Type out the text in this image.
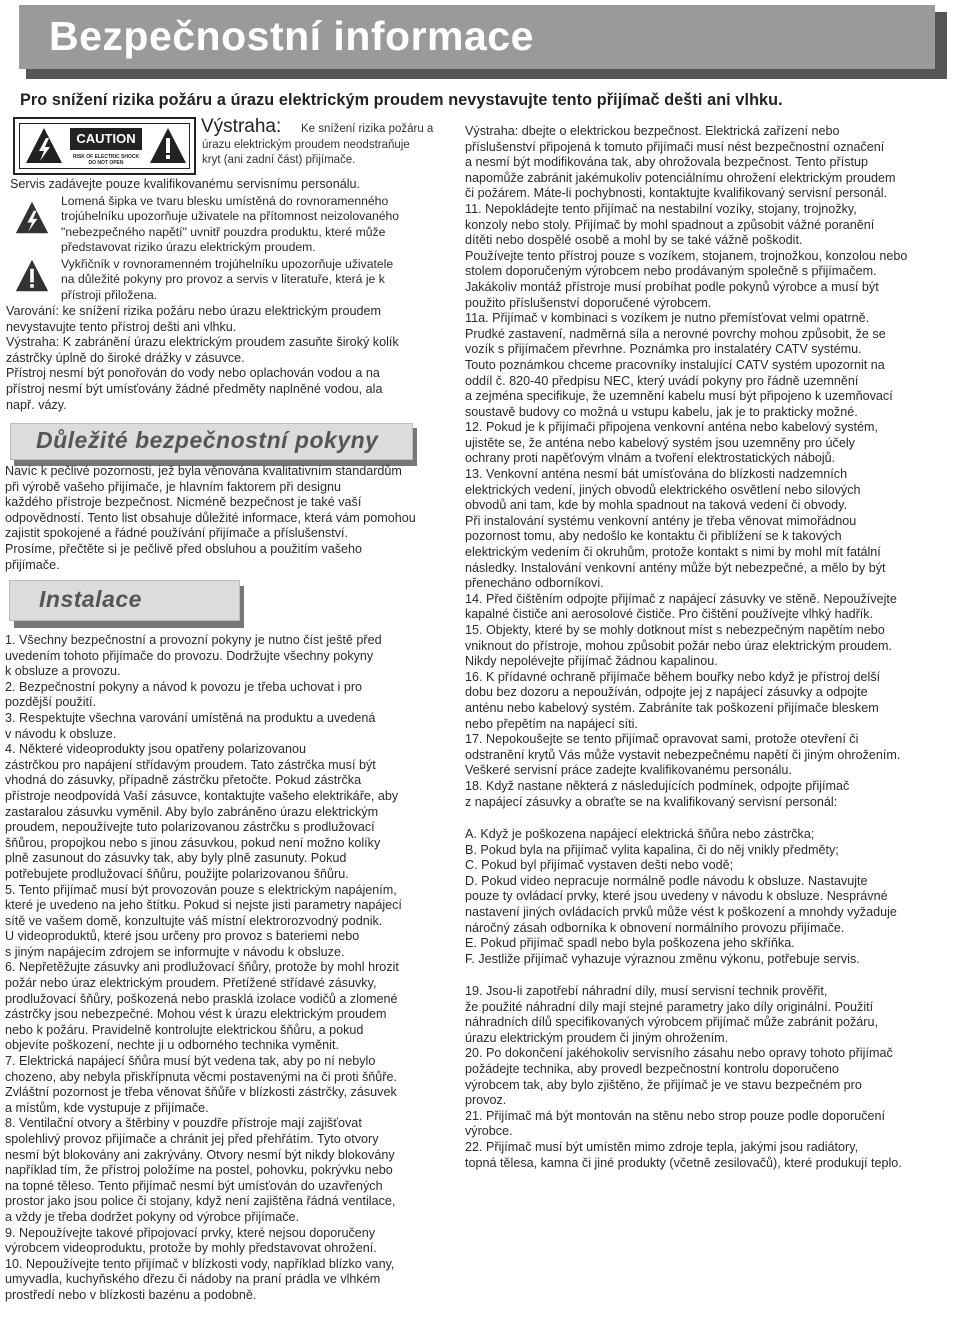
Bezpečnostní informace
Pro snížení rizika požáru a úrazu elektrickým proudem nevystavujte tento přijímač dešti ani vlhku.
CAUTION
RISK OF ELECTRIC SHOCK
DO NOT OPEN
Výstraha: Ke snížení rizika požáru a
úrazu elektrickým proudem neodstraňuje
kryt (ani zadní část) přijímače.
Servis zadávejte pouze kvalifikovanému servisnímu personálu.
Lomená šipka ve tvaru blesku umístěná do rovnoramenného
trojúhelníku upozorňuje uživatele na přítomnost neizolovaného
"nebezpečného napětí" uvnitř pouzdra produktu, které může
představovat riziko úrazu elektrickým proudem.
Vykřičník v rovnoramenném trojúhelníku upozorňuje uživatele
na důležité pokyny pro provoz a servis v literatuře, která je k
přístroji přiložena.
Varování: ke snížení rizika požáru nebo úrazu elektrickým proudem
nevystavujte tento přístroj dešti ani vlhku.
Výstraha: K zabránění úrazu elektrickým proudem zasuňte široký kolík
zástrčky úplně do široké drážky v zásuvce.
Přístroj nesmí být ponořován do vody nebo oplachován vodou a na
přístroj nesmí být umísťovány žádné předměty naplněné vodou, ala
např. vázy.
Důležité bezpečnostní pokyny
Navíc k pečlivé pozornosti, jež byla věnována kvalitativním standardům
při výrobě vašeho přijímače, je hlavním faktorem při designu
každého přístroje bezpečnost. Nicméně bezpečnost je také vaší
odpovědností. Tento list obsahuje důležité informace, která vám pomohou
zajistit spokojené a řádné používání přijímače a příslušenství.
Prosíme, přečtěte si je pečlivě před obsluhou a použitím vašeho
přijímače.
Instalace
1. Všechny bezpečnostní a provozní pokyny je nutno číst ještě před
uvedením tohoto přijímače do provozu. Dodržujte všechny pokyny
k obsluze a provozu.
2. Bezpečnostní pokyny a návod k povozu je třeba uchovat i pro
pozdější použití.
3. Respektujte všechna varování umístěná na produktu a uvedená
v návodu k obsluze.
4. Některé videoprodukty jsou opatřeny polarizovanou
zástrčkou pro napájení střídavým proudem. Tato zástrčka musí být
vhodná do zásuvky, případně zástrčku přetočte. Pokud zástrčka
přístroje neodpovídá Vaší zásuvce, kontaktujte vašeho elektrikáře, aby
zastaralou zásuvku vyměnil. Aby bylo zabráněno úrazu elektrickým
proudem, nepoužívejte tuto polarizovanou zástrčku s prodlužovací
šňůrou, propojkou nebo s jinou zásuvkou, pokud není možno kolíky
plně zasunout do zásuvky tak, aby byly plně zasunuty. Pokud
potřebujete prodlužovací šňůru, použijte polarizovanou šňůru.
5. Tento přijímač musí být provozován pouze s elektrickým napájením,
které je uvedeno na jeho štítku. Pokud si nejste jisti parametry napájecí
sítě ve vašem domě, konzultujte váš místní elektrorozvodný podnik.
U videoproduktů, které jsou určeny pro provoz s bateriemi nebo
s jiným napájecím zdrojem se informujte v návodu k obsluze.
6. Nepřetěžujte zásuvky ani prodlužovací šňůry, protože by mohl hrozit
požár nebo úraz elektrickým proudem. Přetížené střídavé zásuvky,
prodlužovací šňůry, poškozená nebo prasklá izolace vodičů a zlomené
zástrčky jsou nebezpečné. Mohou vést k úrazu elektrickým proudem
nebo k požáru. Pravidelně kontrolujte elektrickou šňůru, a pokud
objevíte poškození, nechte ji u odborného technika vyměnit.
7. Elektrická napájecí šňůra musí být vedena tak, aby po ní nebylo
chozeno, aby nebyla přiskřípnuta věcmi postavenými na či proti šňůře.
Zvláštní pozornost je třeba věnovat šňůře v blízkosti zástrčky, zásuvek
a místům, kde vystupuje z přijímače.
8. Ventilační otvory a štěrbiny v pouzdře přístroje mají zajišťovat
spolehlivý provoz přijímače a chránit jej před přehřátím. Tyto otvory
nesmí být blokovány ani zakrývány. Otvory nesmí být nikdy blokovány
například tím, že přístroj položíme na postel, pohovku, pokrývku nebo
na topné těleso. Tento přijímač nesmí být umísťován do uzavřených
prostor jako jsou police či stojany, když není zajištěna řádná ventilace,
a vždy je třeba dodržet pokyny od výrobce přijímače.
9. Nepoužívejte takové připojovací prvky, které nejsou doporučeny
výrobcem videoproduktu, protože by mohly představovat ohrožení.
10. Nepoužívejte tento přijímač v blízkosti vody, například blízko vany,
umyvadla, kuchyňského dřezu či nádoby na praní prádla ve vlhkém
prostředí nebo v blízkosti bazénu a podobně.
Výstraha: dbejte o elektrickou bezpečnost. Elektrická zařízení nebo
příslušenství připojená k tomuto přijímači musí nést bezpečnostní označení
a nesmí být modifikována tak, aby ohrožovala bezpečnost. Tento přístup
napomůže zabránit jakémukoliv potenciálnímu ohrožení elektrickým proudem
či požárem. Máte-li pochybnosti, kontaktujte kvalifikovaný servisní personál.
11. Nepokládejte tento přijímač na nestabilní vozíky, stojany, trojnožky,
konzoly nebo stoly. Přijímač by mohl spadnout a způsobit vážné poranění
dítěti nebo dospělé osobě a mohl by se také vážně poškodit.
Používejte tento přístroj pouze s vozíkem, stojanem, trojnožkou, konzolou nebo
stolem doporučeným výrobcem nebo prodávaným společně s přijímačem.
Jakákoliv montáž přístroje musí probíhat podle pokynů výrobce a musí být
použito příslušenství doporučené výrobcem.
11a. Přijímač v kombinaci s vozíkem je nutno přemísťovat velmi opatrně.
Prudké zastavení, nadměrná síla a nerovné povrchy mohou způsobit, že se
vozík s přijímačem převrhne. Poznámka pro instalatéry CATV systému.
Touto poznámkou chceme pracovníky instalující CATV systém upozornit na
oddíl č. 820-40 předpisu NEC, který uvádí pokyny pro řádně uzemnění
a zejména specifikuje, že uzemnění kabelu musí být připojeno k uzemňovací
soustavě budovy co možná u vstupu kabelu, jak je to prakticky možné.
12. Pokud je k přijímači připojena venkovní anténa nebo kabelový systém,
ujistěte se, že anténa nebo kabelový systém jsou uzemněny pro účely
ochrany proti napěťovým vlnám a tvoření elektrostatických nábojů.
13. Venkovní anténa nesmí bát umísťována do blízkosti nadzemních
elektrických vedení, jiných obvodů elektrického osvětlení nebo silových
obvodů ani tam, kde by mohla spadnout na taková vedení či obvody.
Při instalování systému venkovní antény je třeba věnovat mimořádnou
pozornost tomu, aby nedošlo ke kontaktu či přiblížení se k takových
elektrickým vedením či okruhům, protože kontakt s nimi by mohl mít fatální
následky. Instalování venkovní antény může být nebezpečné, a mělo by být
přenecháno odborníkovi.
14. Před čištěním odpojte přijímač z napájecí zásuvky ve stěně. Nepoužívejte
kapalné čističe ani aerosolové čističe. Pro čištění používejte vlhký hadřík.
15. Objekty, které by se mohly dotknout míst s nebezpečným napětím nebo
vniknout do přístroje, mohou způsobit požár nebo úraz elektrickým proudem.
Nikdy nepolévejte přijímač žádnou kapalinou.
16. K přídavné ochraně přijímače během bouřky nebo když je přístroj delší
dobu bez dozoru a nepoužíván, odpojte jej z napájecí zásuvky a odpojte
anténu nebo kabelový systém. Zabráníte tak poškození přijímače bleskem
nebo přepětím na napájecí síti.
17. Nepokoušejte se tento přijímač opravovat sami, protože otevření či
odstranění krytů Vás může vystavit nebezpečnému napětí či jiným ohrožením.
Veškeré servisní práce zadejte kvalifikovanému personálu.
18. Když nastane některá z následujících podmínek, odpojte přijímač
z napájecí zásuvky a obraťte se na kvalifikovaný servisní personál:
A. Když je poškozena napájecí elektrická šňůra nebo zástrčka;
B. Pokud byla na přijímač vylita kapalina, či do něj vnikly předměty;
C. Pokud byl přijímač vystaven dešti nebo vodě;
D. Pokud video nepracuje normálně podle návodu k obsluze. Nastavujte
pouze ty ovládací prvky, které jsou uvedeny v návodu k obsluze. Nesprávné
nastavení jiných ovládacích prvků může vést k poškození a mnohdy vyžaduje
náročný zásah odborníka k obnovení normálního provozu přijímače.
E. Pokud přijímač spadl nebo byla poškozena jeho skříňka.
F. Jestliže přijímač vyhazuje výraznou změnu výkonu, potřebuje servis.
19. Jsou-li zapotřebí náhradní díly, musí servisní technik prověřit,
že použité náhradní díly mají stejné parametry jako díly originální. Použití
náhradních dílů specifikovaných výrobcem přijímač může zabránit požáru,
úrazu elektrickým proudem či jiným ohrožením.
20. Po dokončení jakéhokoliv servisního zásahu nebo opravy tohoto přijímač
požádejte technika, aby provedl bezpečnostní kontrolu doporučeno
výrobcem tak, aby bylo zjištěno, že přijímač je ve stavu bezpečném pro
provoz.
21. Přijímač má být montován na stěnu nebo strop pouze podle doporučení
výrobce.
22. Přijímač musí být umístěn mimo zdroje tepla, jakými jsou radiátory,
topná tělesa, kamna či jiné produkty (včetně zesilovačů), které produkují teplo.
